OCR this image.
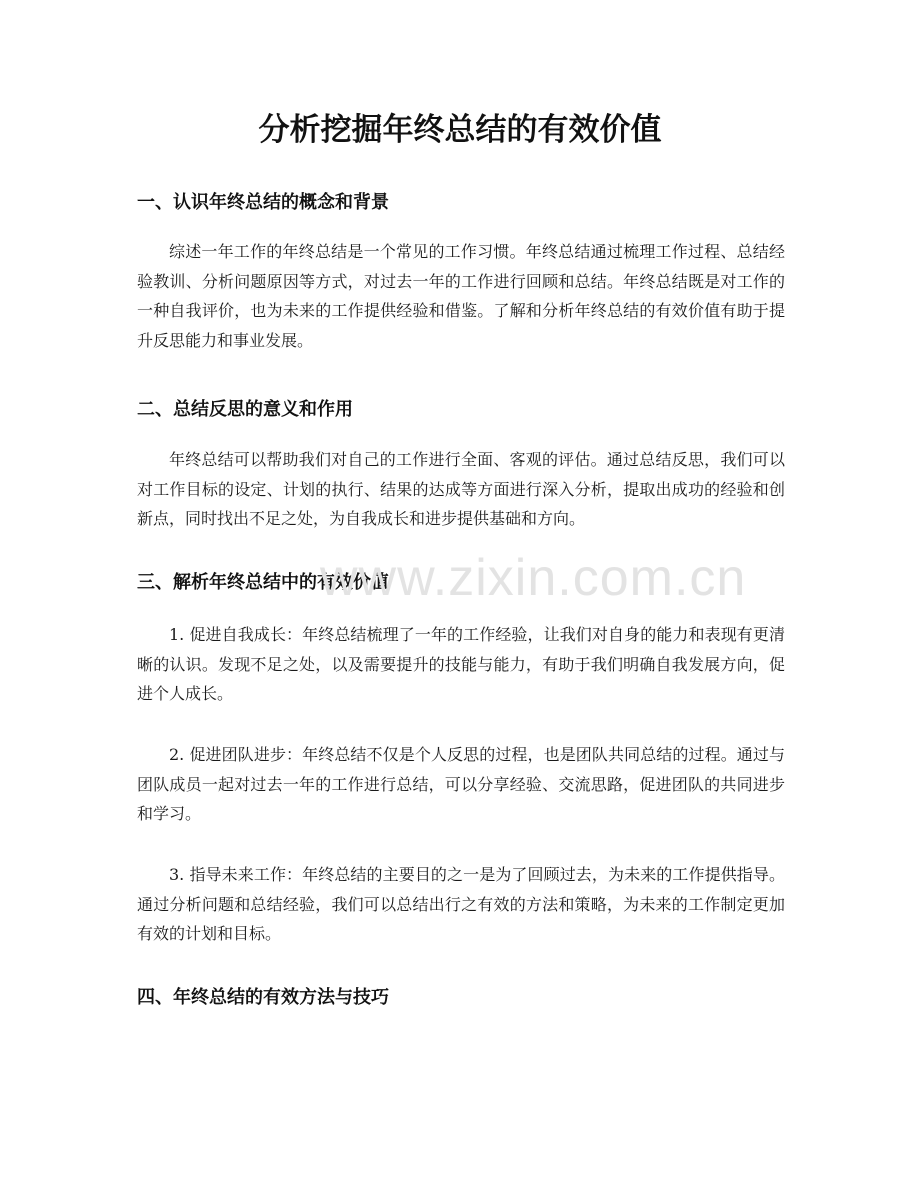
分析挖掘年终总结的有效价值
一、认识年终总结的概念和背景

综述一年工作的年终总结是一个常见的工作习惯。年终总结通过梳理工作过程、总结经验教训、分析问题原因等方式，对过去一年的工作进行回顾和总结。年终总结既是对工作的一种自我评价，也为未来的工作提供经验和借鉴。了解和分析年终总结的有效价值有助于提升反思能力和事业发展。

二、总结反思的意义和作用

年终总结可以帮助我们对自己的工作进行全面、客观的评估。通过总结反思，我们可以对工作目标的设定、计划的执行、结果的达成等方面进行深入分析，提取出成功的经验和创新点，同时找出不足之处，为自我成长和进步提供基础和方向。

三、解析年终总结中的有效价值

1. 促进自我成长：年终总结梳理了一年的工作经验，让我们对自身的能力和表现有更清晰的认识。发现不足之处，以及需要提升的技能与能力，有助于我们明确自我发展方向，促进个人成长。

2. 促进团队进步：年终总结不仅是个人反思的过程，也是团队共同总结的过程。通过与团队成员一起对过去一年的工作进行总结，可以分享经验、交流思路，促进团队的共同进步和学习。

3. 指导未来工作：年终总结的主要目的之一是为了回顾过去，为未来的工作提供指导。通过分析问题和总结经验，我们可以总结出行之有效的方法和策略，为未来的工作制定更加有效的计划和目标。

四、年终总结的有效方法与技巧
www.zixin.com.cn
